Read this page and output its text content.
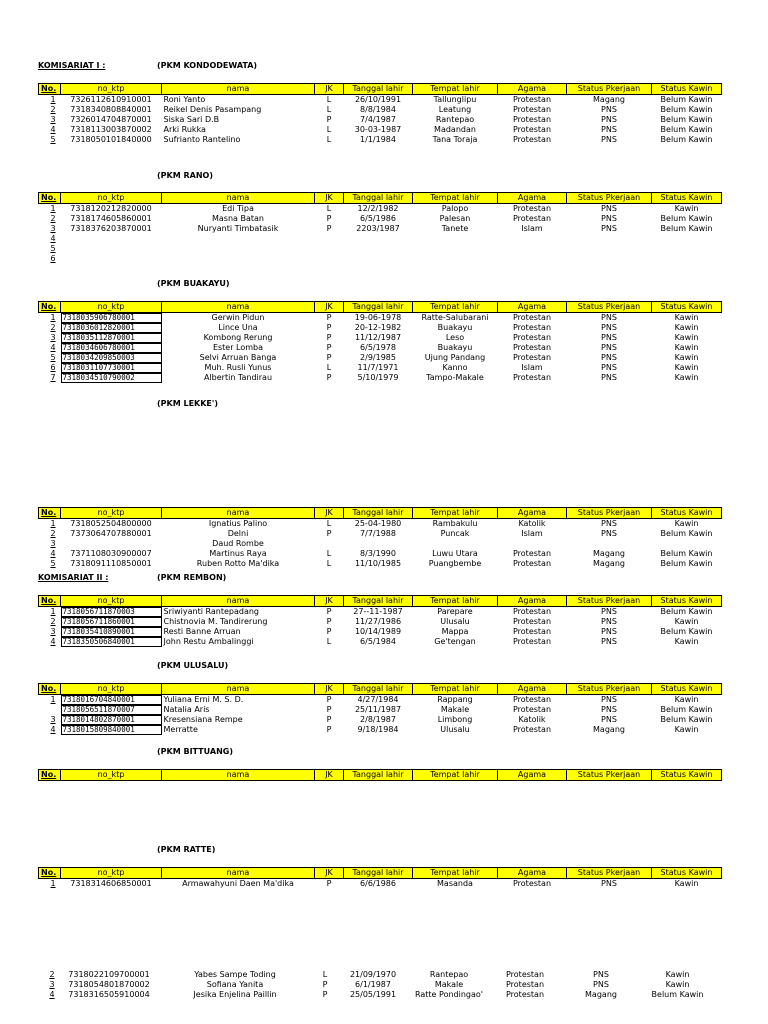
KOMISARIAT I :	(PKM KONDODEWATA)
No.	no_ktp	nama	JK	Tanggal lahir	Tempat lahir	Agama	Status Pkerjaan	Status Kawin
1	7326112610910001	Roni Yanto	L	26/10/1991	Tallunglipu	Protestan	Magang	Belum Kawin
2	7318340808840001	Reikel Denis Pasampang	L	8/8/1984	Leatung	Protestan	PNS	Belum Kawin
3	7326014704870001	Siska Sari D.B	P	7/4/1987	Rantepao	Protestan	PNS	Belum Kawin
4	7318113003870002	Arki Rukka	L	30-03-1987	Madandan	Protestan	PNS	Belum Kawin
5	7318050101840000	Sufrianto Rantelino	L	1/1/1984	Tana Toraja	Protestan	PNS	Belum Kawin
(PKM RANO)
No.	no_ktp	nama	JK	Tanggal lahir	Tempat lahir	Agama	Status Pkerjaan	Status Kawin
1	7318120212820000	Edi Tipa	L	12/2/1982	Palopo	Protestan	PNS	Kawin
2	7318174605860001	Masna Batan	P	6/5/1986	Palesan	Protestan	PNS	Belum Kawin
3	7318376203870001	Nuryanti Timbatasik	P	2203/1987	Tanete	Islam	PNS	Belum Kawin
4								
5								
6								
(PKM BUAKAYU)
No.	no_ktp	nama	JK	Tanggal lahir	Tempat lahir	Agama	Status Pkerjaan	Status Kawin
1	7318035906780001	Gerwin Pidun	P	19-06-1978	Ratte-Salubarani	Protestan	PNS	Kawin
2	7318036012820001	Lince Una	P	20-12-1982	Buakayu	Protestan	PNS	Kawin
3	7318035112870001	Kombong Rerung	P	11/12/1987	Leso	Protestan	PNS	Kawin
4	7318034606780001	Ester Lomba	P	6/5/1978	Buakayu	Protestan	PNS	Kawin
5	7318034209850003	Selvi Arruan Banga	P	2/9/1985	Ujung Pandang	Protestan	PNS	Kawin
6	7318031107730001	Muh. Rusli Yunus	L	11/7/1971	Kanno	Islam	PNS	Kawin
7	7318034510790002	Albertin Tandirau	P	5/10/1979	Tampo-Makale	Protestan	PNS	Kawin
(PKM LEKKE')
No.	no_ktp	nama	JK	Tanggal lahir	Tempat lahir	Agama	Status Pkerjaan	Status Kawin
1	7318052504800000	Ignatius Palino	L	25-04-1980	Rambakulu	Katolik	PNS	Kawin
2	7373064707880001	Delni	P	7/7/1988	Puncak	Islam	PNS	Belum Kawin
3		Daud Rombe						
4	7371108030900007	Martinus Raya	L	8/3/1990	Luwu Utara	Protestan	Magang	Belum Kawin
5	7318091110850001	Ruben Rotto Ma'dika	L	11/10/1985	Puangbembe	Protestan	Magang	Belum Kawin
KOMISARIAT II :	(PKM REMBON)
No.	no_ktp	nama	JK	Tanggal lahir	Tempat lahir	Agama	Status Pkerjaan	Status Kawin
1	7318056711870003	Sriwiyanti Rantepadang	P	27--11-1987	Parepare	Protestan	PNS	Belum Kawin
2	7318056711860001	Chistnovia M. Tandirerung	P	11/27/1986	Ulusalu	Protestan	PNS	Kawin
3	7318035410890001	Resti Banne Arruan	P	10/14/1989	Mappa	Protestan	PNS	Belum Kawin
4	7318350506840001	John Restu Ambalinggi	L	6/5/1984	Ge'tengan	Protestan	PNS	Kawin
(PKM ULUSALU)
No.	no_ktp	nama	JK	Tanggal lahir	Tempat lahir	Agama	Status Pkerjaan	Status Kawin
1	7318016704840001	Yuliana Erni M. S. D.	P	4/27/1984	Rappang	Protestan	PNS	Kawin
	7318056511870007	Natalia Aris	P	25/11/1987	Makale	Protestan	PNS	Belum Kawin
3	7318014802870001	Kresensiana Rempe	P	2/8/1987	Limbong	Katolik	PNS	Belum Kawin
4	7318015809840001	Merratte	P	9/18/1984	Ulusalu	Protestan	Magang	Kawin
(PKM BITTUANG)
No.	no_ktp	nama	JK	Tanggal lahir	Tempat lahir	Agama	Status Pkerjaan	Status Kawin
(PKM RATTE)
No.	no_ktp	nama	JK	Tanggal lahir	Tempat lahir	Agama	Status Pkerjaan	Status Kawin
1	7318314606850001	Armawahyuni Daen Ma'dika	P	6/6/1986	Masanda	Protestan	PNS	Kawin
2	7318022109700001	Yabes Sampe Toding	L	21/09/1970	Rantepao	Protestan	PNS	Kawin
3	7318054801870002	Sofiana Yanita	P	6/1/1987	Makale	Protestan	PNS	Kawin
4	7318316505910004	Jesika Enjelina Paillin	P	25/05/1991	Ratte Pondingao'	Protestan	Magang	Belum Kawin
